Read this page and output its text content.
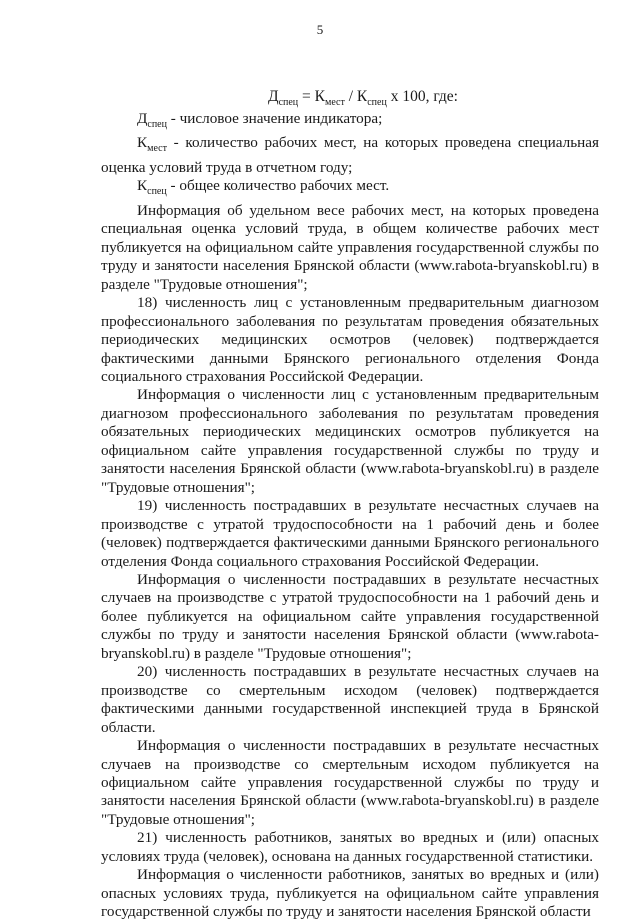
5
$Д_{спец} = К_{мест} / К_{спец}$ х 100, где:

$Д_{спец}$ - числовое значение индикатора;

$К_{мест}$ - количество рабочих мест, на которых проведена специальная оценка условий труда в отчетном году;

$К_{спец}$ - общее количество рабочих мест.

Информация об удельном весе рабочих мест, на которых проведена специальная оценка условий труда, в общем количестве рабочих мест публикуется на официальном сайте управления государственной службы по труду и занятости населения Брянской области (www.rabota-bryanskobl.ru) в разделе "Трудовые отношения";

18) численность лиц с установленным предварительным диагнозом профессионального заболевания по результатам проведения обязательных периодических медицинских осмотров (человек) подтверждается фактическими данными Брянского регионального отделения Фонда социального страхования Российской Федерации.

Информация о численности лиц с установленным предварительным диагнозом профессионального заболевания по результатам проведения обязательных периодических медицинских осмотров публикуется на официальном сайте управления государственной службы по труду и занятости населения Брянской области (www.rabota-bryanskobl.ru) в разделе "Трудовые отношения";

19) численность пострадавших в результате несчастных случаев на производстве с утратой трудоспособности на 1 рабочий день и более (человек) подтверждается фактическими данными Брянского регионального отделения Фонда социального страхования Российской Федерации.

Информация о численности пострадавших в результате несчастных случаев на производстве с утратой трудоспособности на 1 рабочий день и более публикуется на официальном сайте управления государственной службы по труду и занятости населения Брянской области (www.rabota-bryanskobl.ru) в разделе "Трудовые отношения";

20) численность пострадавших в результате несчастных случаев на производстве со смертельным исходом (человек) подтверждается фактическими данными государственной инспекцией труда в Брянской области.

Информация о численности пострадавших в результате несчастных случаев на производстве со смертельным исходом публикуется на официальном сайте управления государственной службы по труду и занятости населения Брянской области (www.rabota-bryanskobl.ru) в разделе "Трудовые отношения";

21) численность работников, занятых во вредных и (или) опасных условиях труда (человек), основана на данных государственной статистики.

Информация о численности работников, занятых во вредных и (или) опасных условиях труда, публикуется на официальном сайте управления государственной службы по труду и занятости населения Брянской области
